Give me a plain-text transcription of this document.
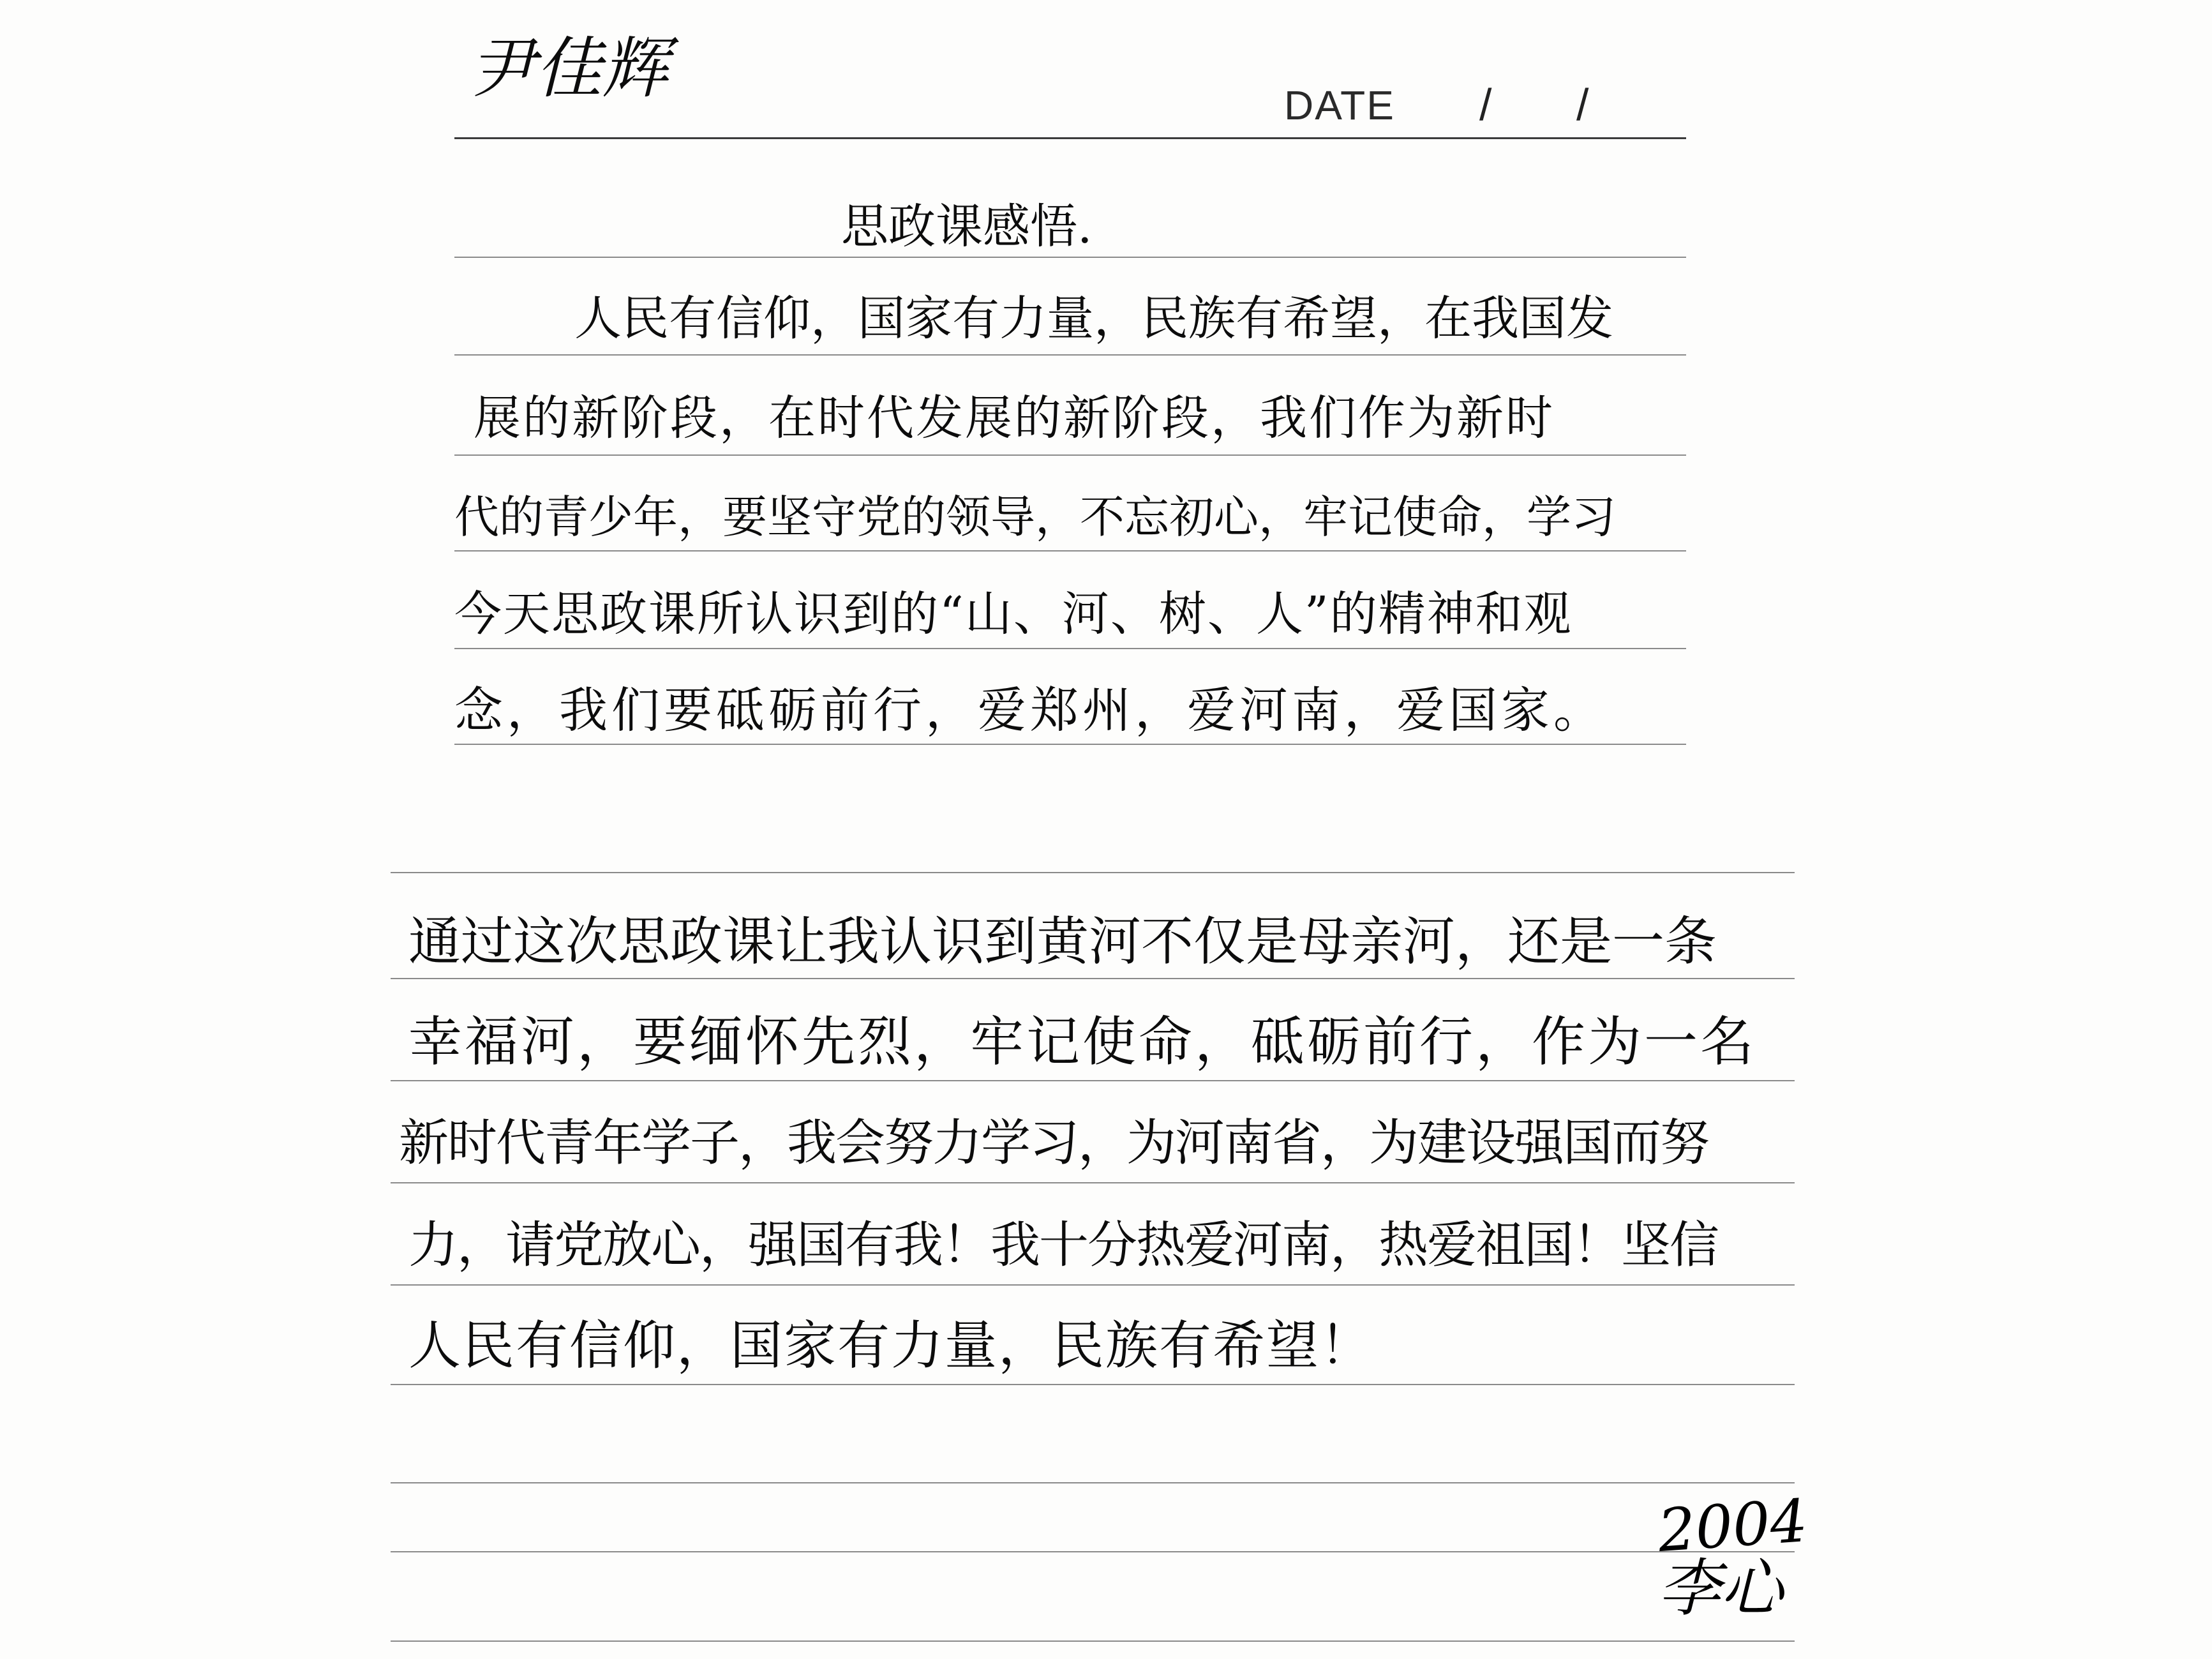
尹佳辉	DATE / /
思政课感悟.
人民有信仰，国家有力量，民族有希望，在我国发
展的新阶段，在时代发展的新阶段，我们作为新时
代的青少年，要坚守党的领导，不忘初心，牢记使命，学习
今天思政课所认识到的“山、河、树、人”的精神和观
念，我们要砥砺前行，爱郑州，爱河南，爱国家。
通过这次思政课让我认识到黄河不仅是母亲河，还是一条
幸福河，要缅怀先烈，牢记使命，砥砺前行，作为一名
新时代青年学子，我会努力学习，为河南省，为建设强国而努
力，请党放心，强国有我！我十分热爱河南，热爱祖国！坚信
人民有信仰，国家有力量，民族有希望！
2004
李心
